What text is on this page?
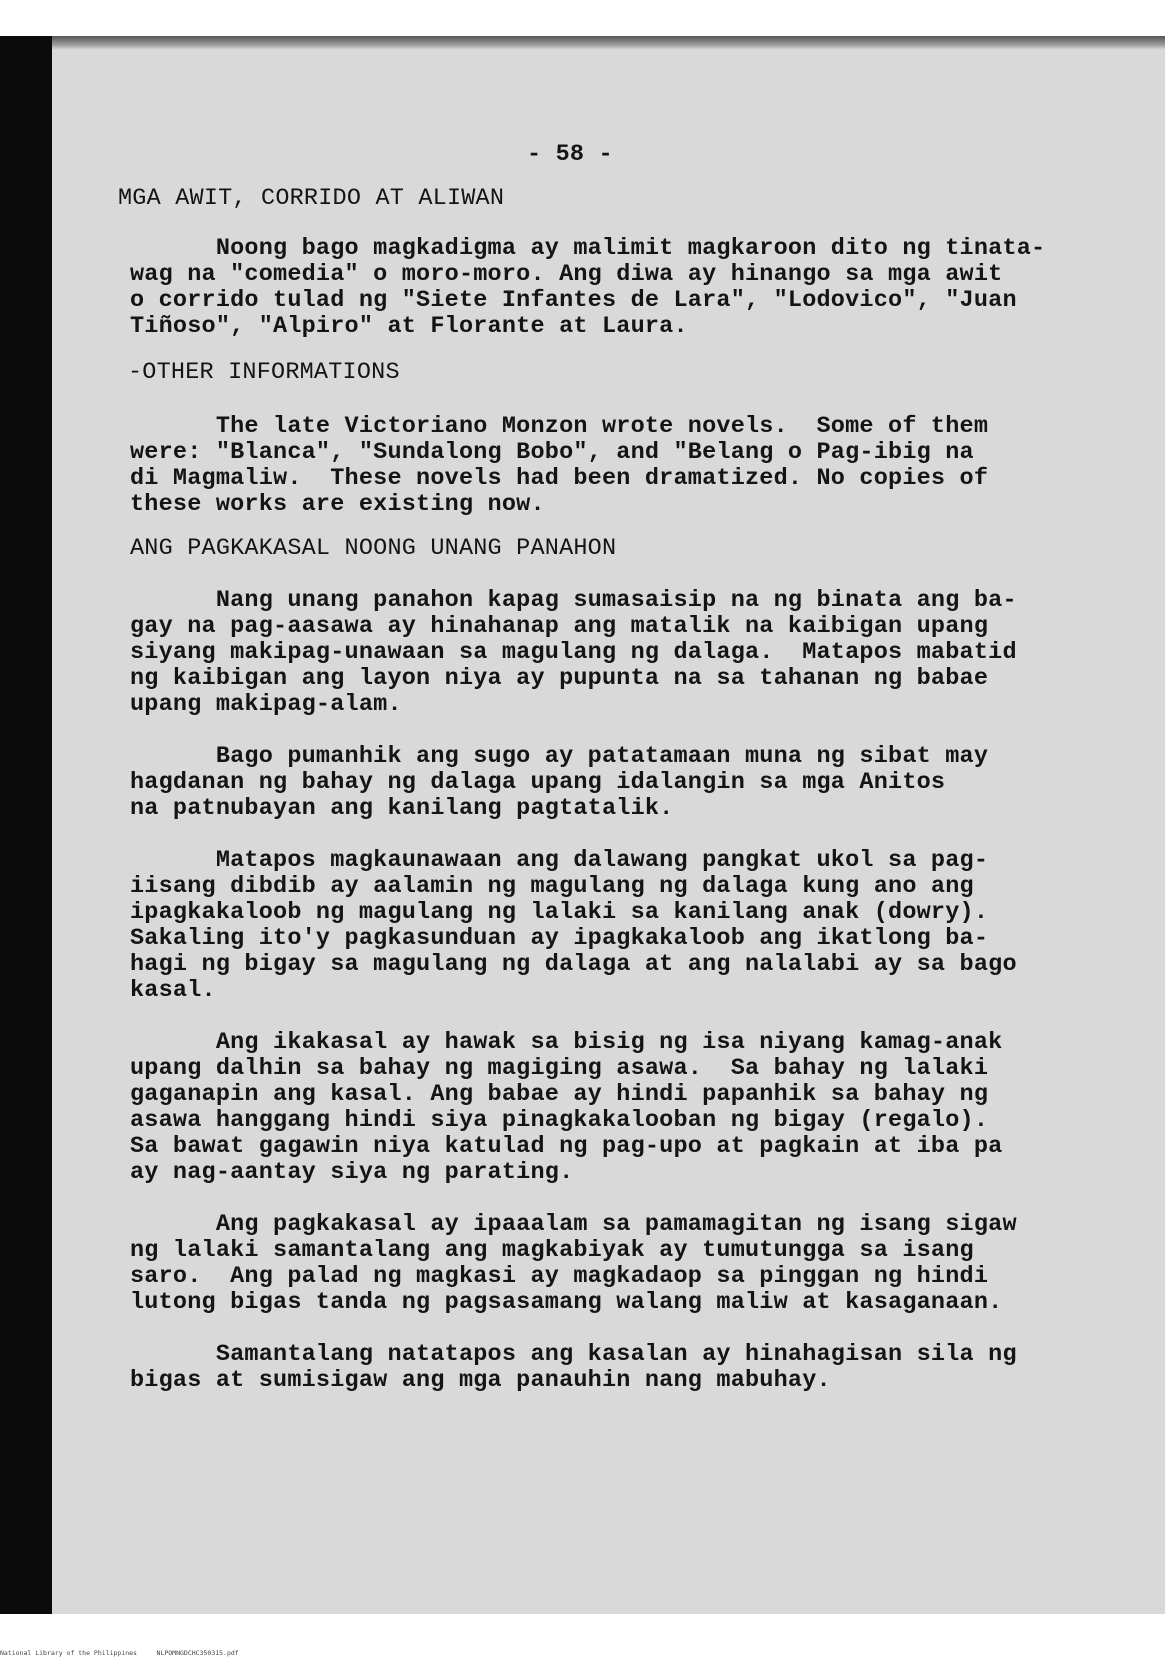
- 58 -
MGA AWIT, CORRIDO AT ALIWAN
Noong bago magkadigma ay malimit magkaroon dito ng tinata-
wag na "comedia" o moro-moro. Ang diwa ay hinango sa mga awit
o corrido tulad ng "Siete Infantes de Lara", "Lodovico", "Juan
Tiñoso", "Alpiro" at Florante at Laura.
-OTHER INFORMATIONS
The late Victoriano Monzon wrote novels.  Some of them
were: "Blanca", "Sundalong Bobo", and "Belang o Pag-ibig na
di Magmaliw.  These novels had been dramatized. No copies of
these works are existing now.
ANG PAGKAKASAL NOONG UNANG PANAHON
Nang unang panahon kapag sumasaisip na ng binata ang ba-
gay na pag-aasawa ay hinahanap ang matalik na kaibigan upang
siyang makipag-unawaan sa magulang ng dalaga.  Matapos mabatid
ng kaibigan ang layon niya ay pupunta na sa tahanan ng babae
upang makipag-alam.
Bago pumanhik ang sugo ay patatamaan muna ng sibat may
hagdanan ng bahay ng dalaga upang idalangin sa mga Anitos
na patnubayan ang kanilang pagtatalik.
Matapos magkaunawaan ang dalawang pangkat ukol sa pag-
iisang dibdib ay aalamin ng magulang ng dalaga kung ano ang
ipagkakaloob ng magulang ng lalaki sa kanilang anak (dowry).
Sakaling ito'y pagkasunduan ay ipagkakaloob ang ikatlong ba-
hagi ng bigay sa magulang ng dalaga at ang nalalabi ay sa bago
kasal.
Ang ikakasal ay hawak sa bisig ng isa niyang kamag-anak
upang dalhin sa bahay ng magiging asawa.  Sa bahay ng lalaki
gaganapin ang kasal. Ang babae ay hindi papanhik sa bahay ng
asawa hanggang hindi siya pinagkakalooban ng bigay (regalo).
Sa bawat gagawin niya katulad ng pag-upo at pagkain at iba pa
ay nag-aantay siya ng parating.
Ang pagkakasal ay ipaaalam sa pamamagitan ng isang sigaw
ng lalaki samantalang ang magkabiyak ay tumutungga sa isang
saro.  Ang palad ng magkasi ay magkadaop sa pinggan ng hindi
lutong bigas tanda ng pagsasamang walang maliw at kasaganaan.
Samantalang natatapos ang kasalan ay hinahagisan sila ng
bigas at sumisigaw ang mga panauhin nang mabuhay.
National Library of the Philippines     NLPOMNGDCHC350315.pdf
